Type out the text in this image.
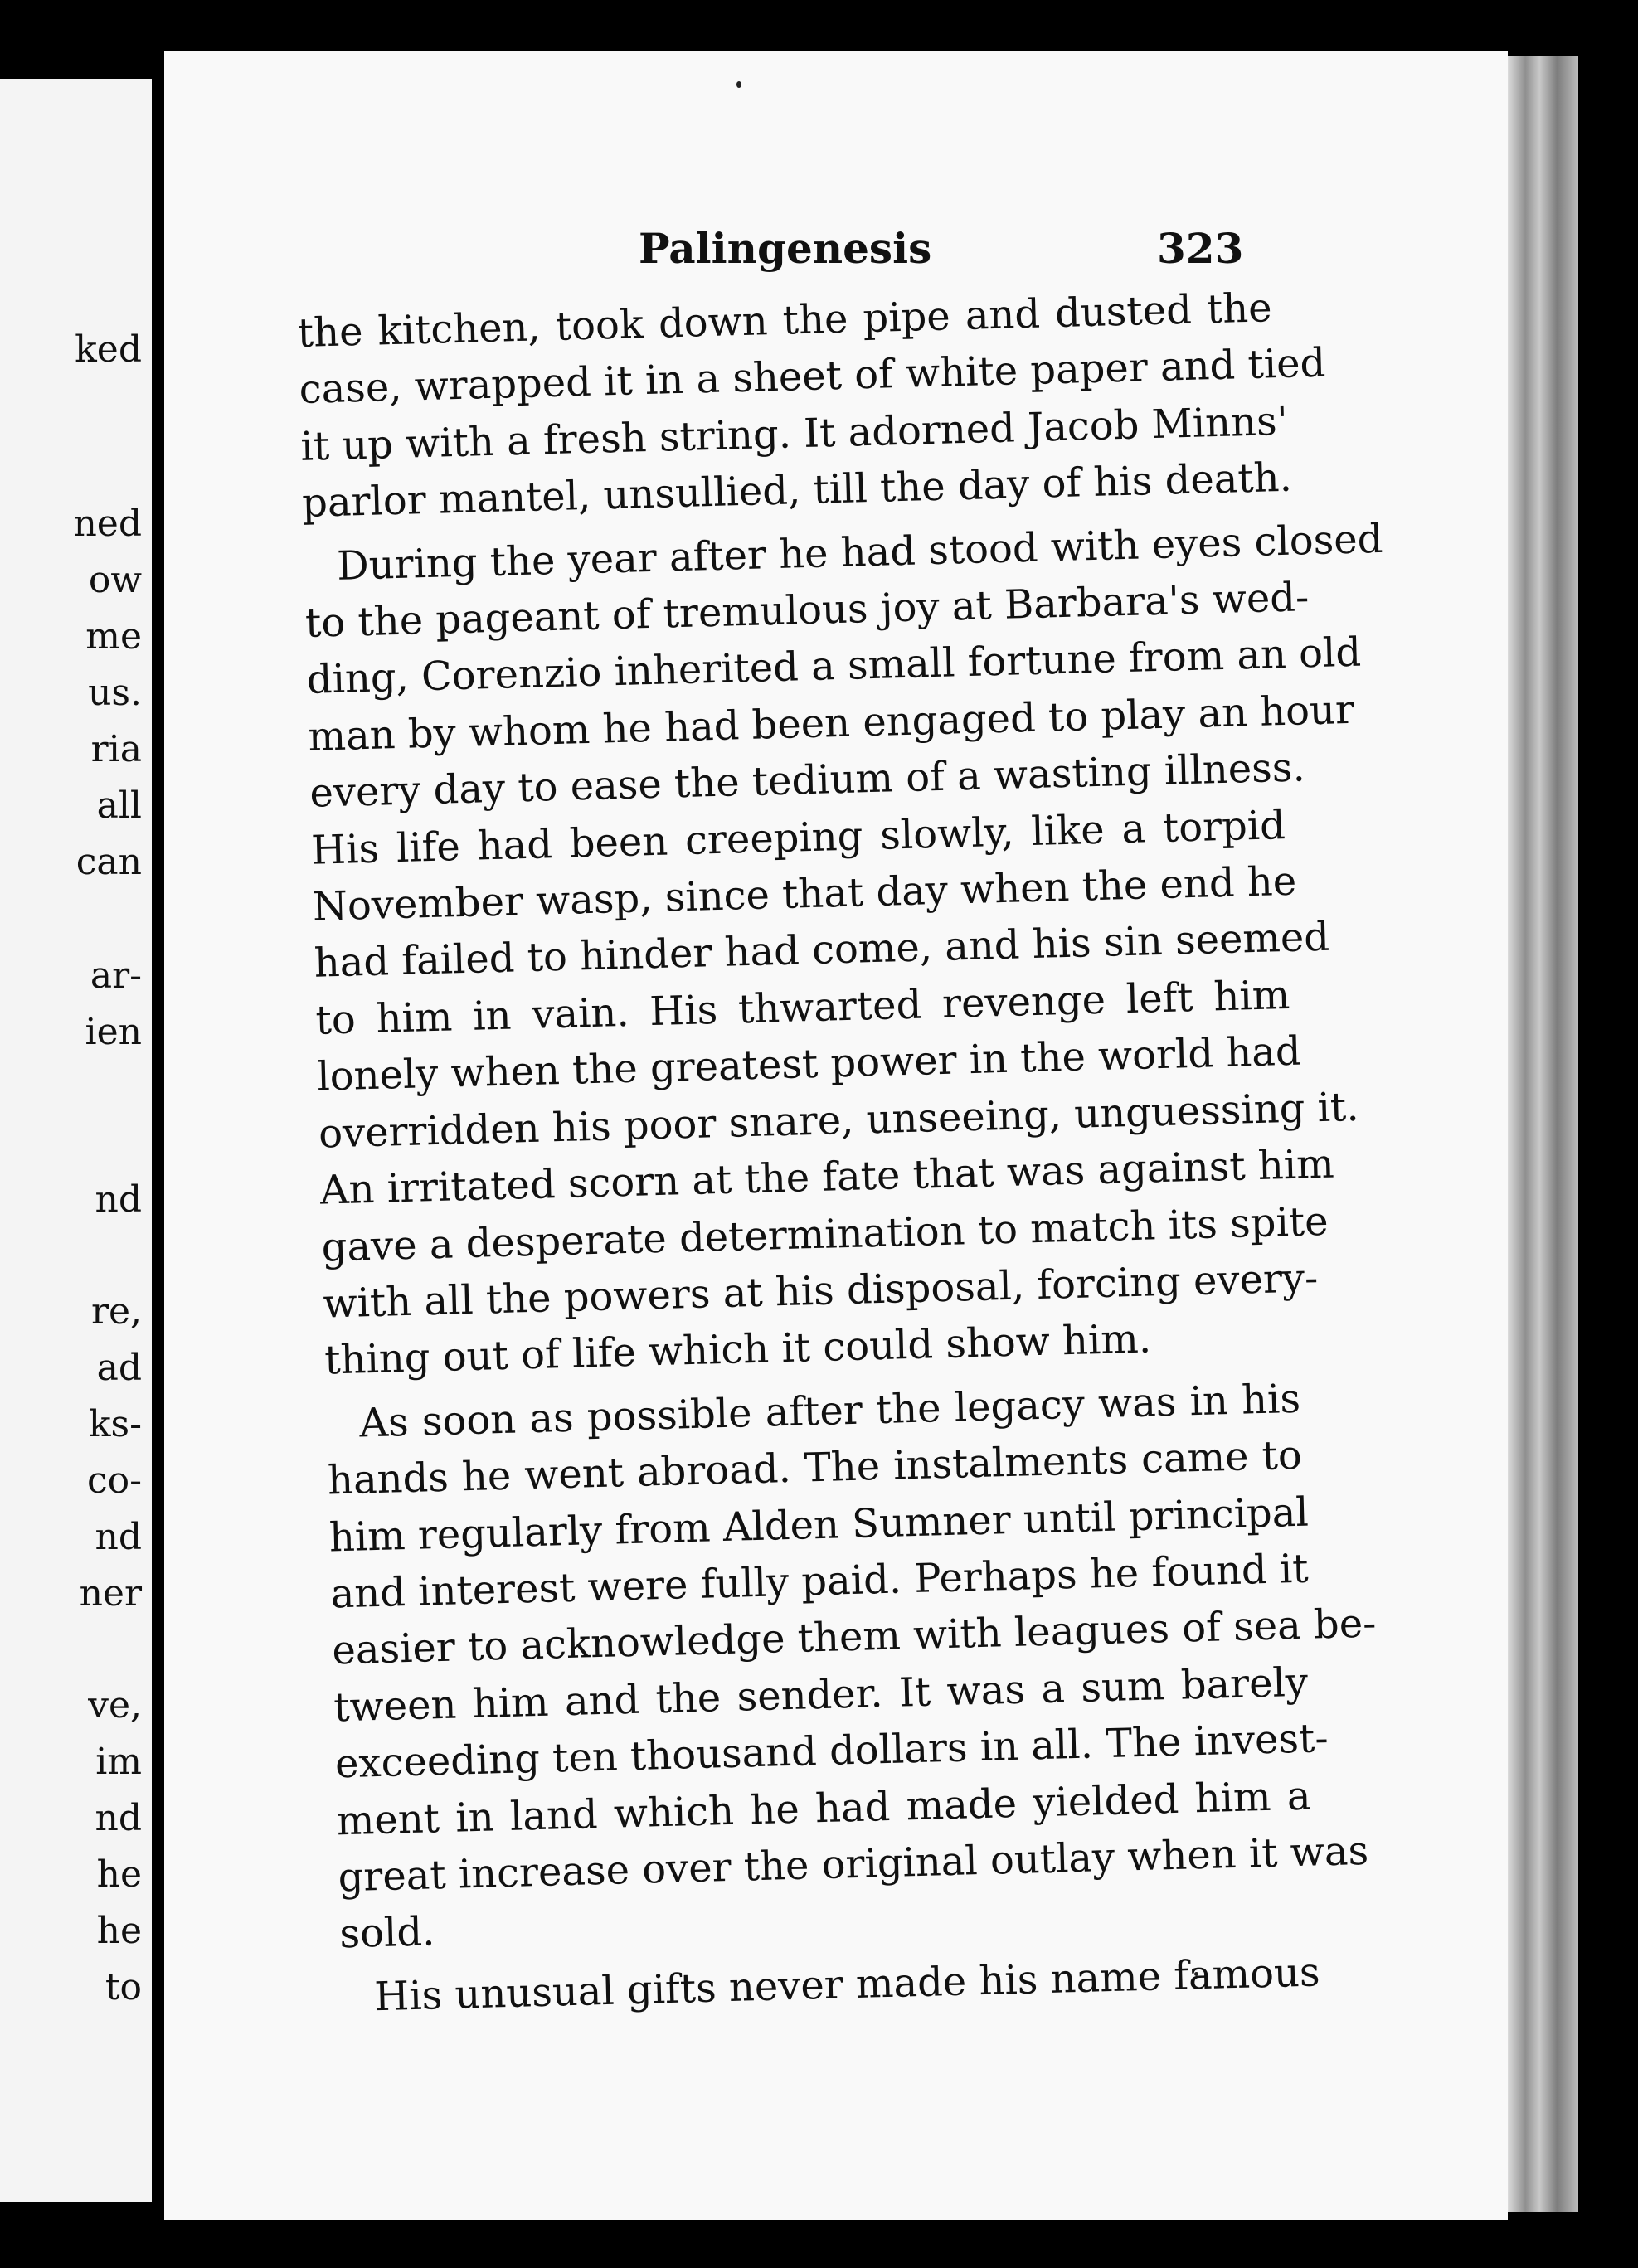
ked
ned
ow
me
us.
ria
all
can
ar-
ien
nd
re,
ad
ks-
co-
nd
ner
ve,
im
nd
he
he
to
Palingenesis	323
the kitchen, took down the pipe and dusted the
case, wrapped it in a sheet of white paper and tied
it up with a fresh string. It adorned Jacob Minns'
parlor mantel, unsullied, till the day of his death.
During the year after he had stood with eyes closed
to the pageant of tremulous joy at Barbara's wed-
ding, Corenzio inherited a small fortune from an old
man by whom he had been engaged to play an hour
every day to ease the tedium of a wasting illness.
His life had been creeping slowly, like a torpid
November wasp, since that day when the end he
had failed to hinder had come, and his sin seemed
to him in vain. His thwarted revenge left him
lonely when the greatest power in the world had
overridden his poor snare, unseeing, unguessing it.
An irritated scorn at the fate that was against him
gave a desperate determination to match its spite
with all the powers at his disposal, forcing every-
thing out of life which it could show him.
As soon as possible after the legacy was in his
hands he went abroad. The instalments came to
him regularly from Alden Sumner until principal
and interest were fully paid. Perhaps he found it
easier to acknowledge them with leagues of sea be-
tween him and the sender. It was a sum barely
exceeding ten thousand dollars in all. The invest-
ment in land which he had made yielded him a
great increase over the original outlay when it was
sold.
His unusual gifts never made his name famous
